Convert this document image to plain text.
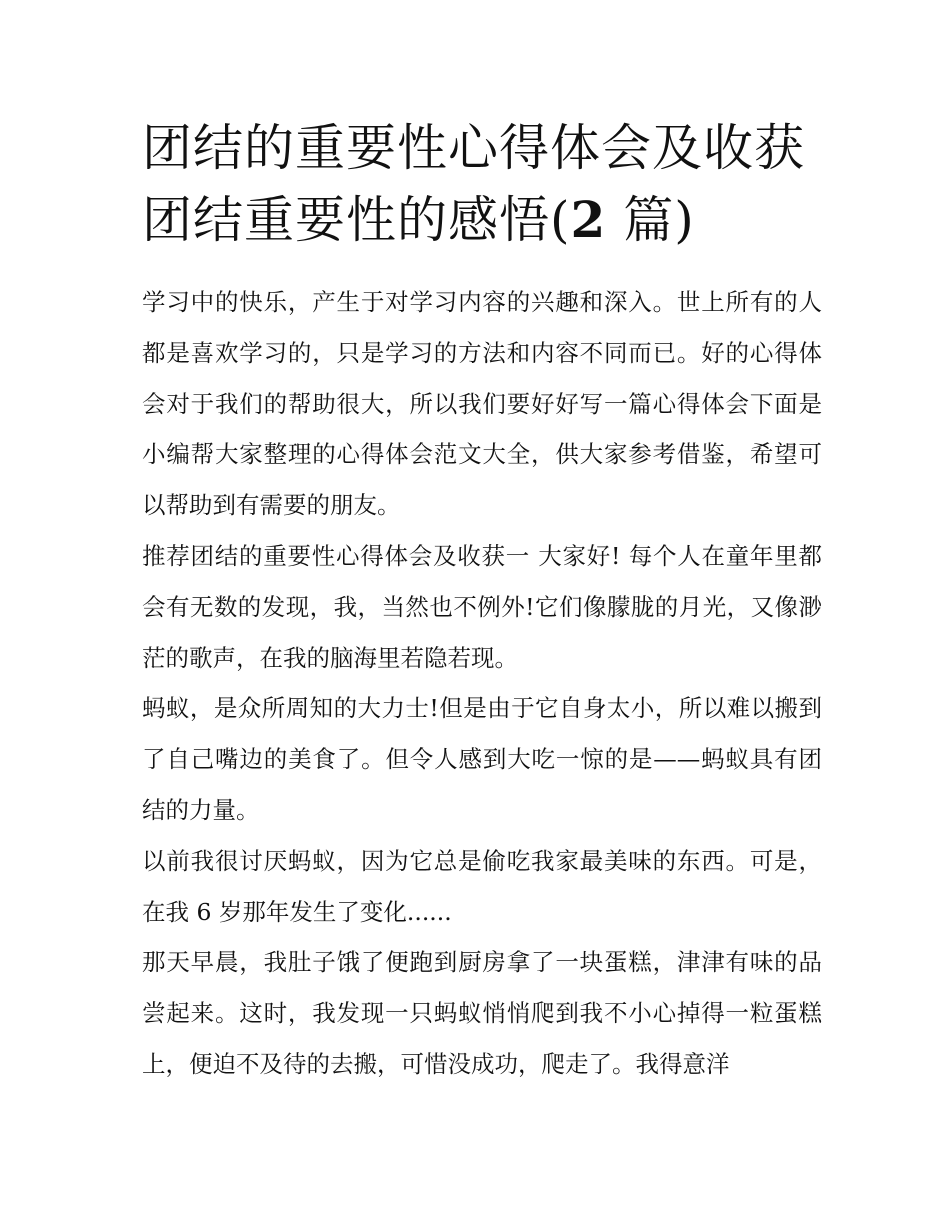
团结的重要性心得体会及收获
团结重要性的感悟(2 篇)

学习中的快乐，产生于对学习内容的兴趣和深入。世上所有的人都是喜欢学习的，只是学习的方法和内容不同而已。好的心得体会对于我们的帮助很大，所以我们要好好写一篇心得体会下面是小编帮大家整理的心得体会范文大全，供大家参考借鉴，希望可以帮助到有需要的朋友。

推荐团结的重要性心得体会及收获一 大家好! 每个人在童年里都会有无数的发现，我，当然也不例外!它们像朦胧的月光，又像渺茫的歌声，在我的脑海里若隐若现。

蚂蚁，是众所周知的大力士!但是由于它自身太小，所以难以搬到了自己嘴边的美食了。但令人感到大吃一惊的是——蚂蚁具有团结的力量。

以前我很讨厌蚂蚁，因为它总是偷吃我家最美味的东西。可是，在我 6 岁那年发生了变化......

那天早晨，我肚子饿了便跑到厨房拿了一块蛋糕，津津有味的品尝起来。这时，我发现一只蚂蚁悄悄爬到我不小心掉得一粒蛋糕上，便迫不及待的去搬，可惜没成功，爬走了。我得意洋
